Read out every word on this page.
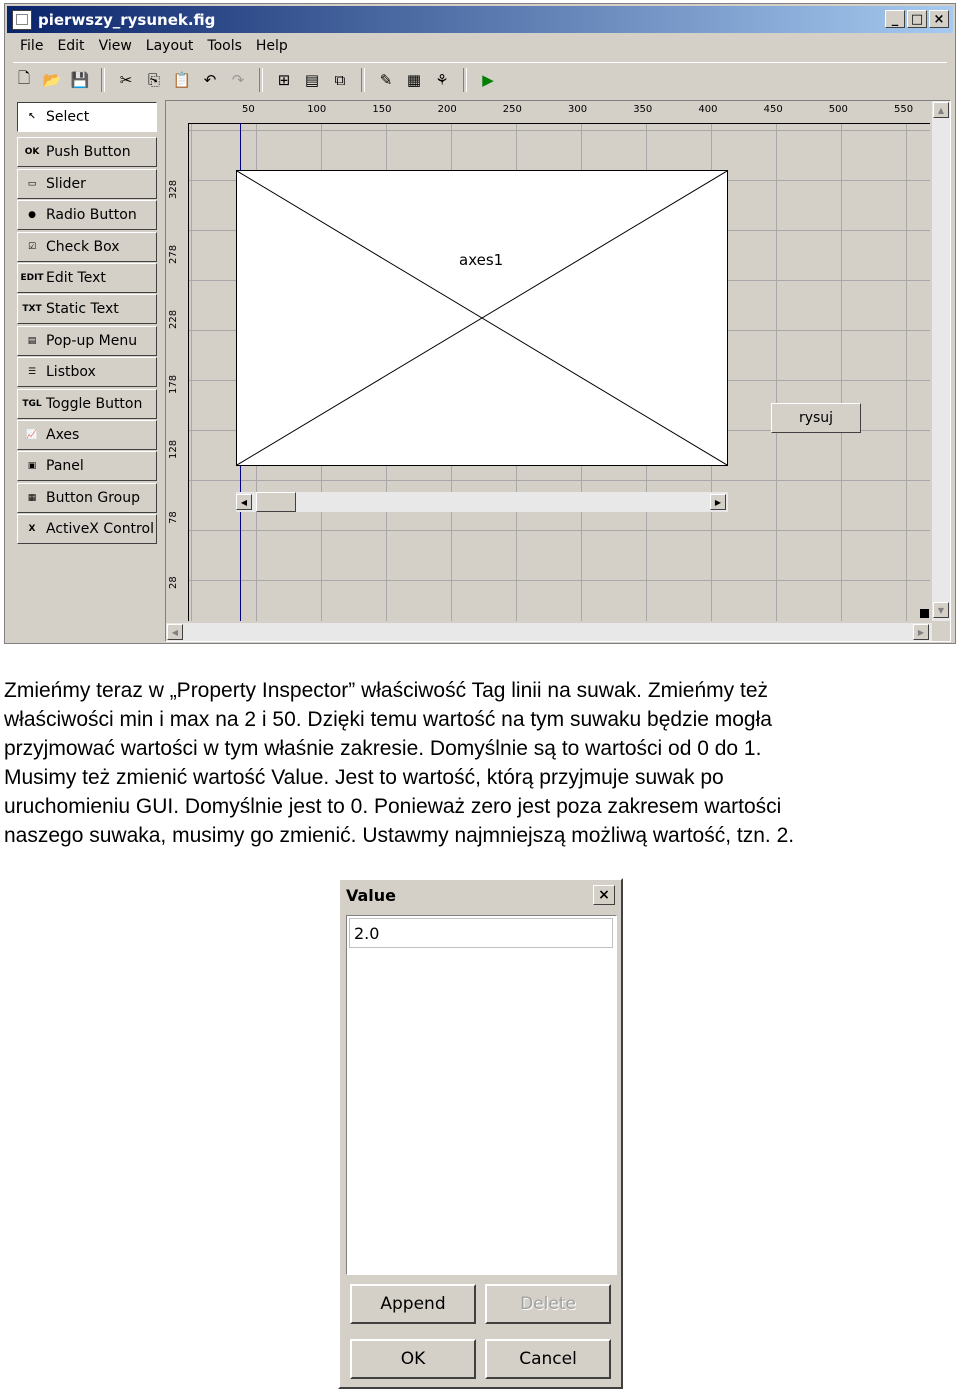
pierwszy_rysunek.fig	_ □ ×
File	Edit	View	Layout	Tools	Help
🗋 📂 💾	✂	⎘ 📋 ↶	↷	⊞ ▤	⧉	✎ ▦ ⚘	▶
↖ Select
OK Push Button
▭ Slider
● Radio Button
☑ Check Box
EDIT Edit Text
TXT Static Text
▤ Pop-up Menu
☰ Listbox
TGL Toggle Button
📈 Axes
▣ Panel
▦ Button Group
X ActiveX Control
50	100	150	200	250	300	350	400	450	500	550
328
278
228
178
128
78
28
▲
▼
◀	▶
axes1
rysuj
◀	▶

Zmieńmy teraz w „Property Inspector” właściwość Tag linii na suwak. Zmieńmy też

właściwości min i max na 2 i 50. Dzięki temu wartość na tym suwaku będzie mogła

przyjmować wartości w tym właśnie zakresie. Domyślnie są to wartości od 0 do 1.

Musimy też zmienić wartość Value. Jest to wartość, którą przyjmuje suwak po

uruchomieniu GUI. Domyślnie jest to 0. Ponieważ zero jest poza zakresem wartości

naszego suwaka, musimy go zmienić. Ustawmy najmniejszą możliwą wartość, tzn. 2.

Value	×
2.0
Append	Delete
OK	Cancel
